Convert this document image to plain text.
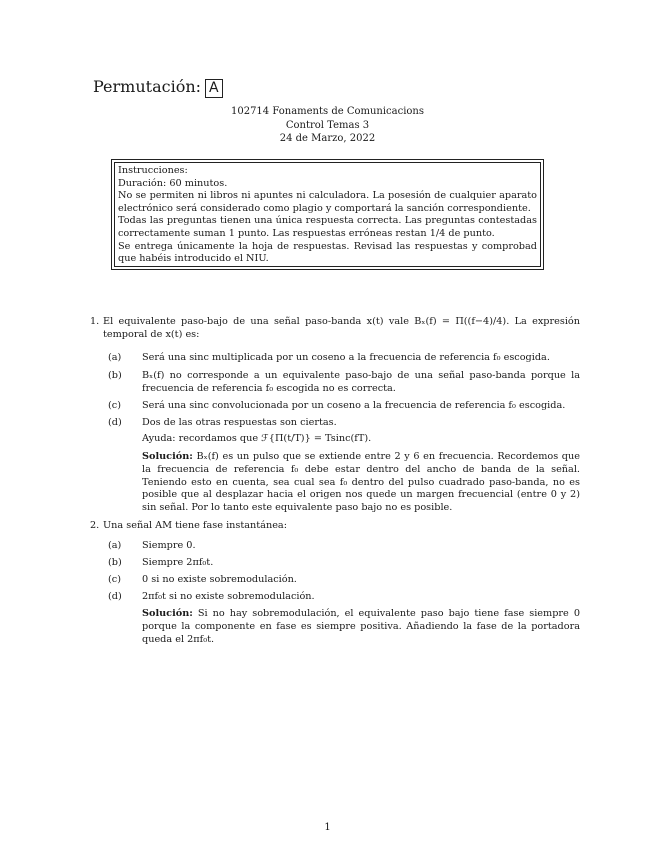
Permutación: A
102714 Fonaments de Comunicacions
Control Temas 3
24 de Marzo, 2022
Instrucciones:
Duración: 60 minutos.
No se permiten ni libros ni apuntes ni calculadora. La posesión de cualquier aparato electrónico será considerado como plagio y comportará la sanción correspondiente.
Todas las preguntas tienen una única respuesta correcta. Las preguntas contestadas correctamente suman 1 punto. Las respuestas erróneas restan 1/4 de punto.
Se entrega únicamente la hoja de respuestas. Revisad las respuestas y comprobad que habéis introducido el NIU.
1. El equivalente paso-bajo de una señal paso-banda x(t) vale Bₓ(f) = Π((f−4)/4). La expresión temporal de x(t) es:
(a) Será una sinc multiplicada por un coseno a la frecuencia de referencia f₀ escogida.
(b) Bₓ(f) no corresponde a un equivalente paso-bajo de una señal paso-banda porque la frecuencia de referencia f₀ escogida no es correcta.
(c) Será una sinc convolucionada por un coseno a la frecuencia de referencia f₀ escogida.
(d) Dos de las otras respuestas son ciertas.
Ayuda: recordamos que ℱ{Π(t/T)} = Tsinc(fT).
Solución: Bₓ(f) es un pulso que se extiende entre 2 y 6 en frecuencia. Recordemos que la frecuencia de referencia f₀ debe estar dentro del ancho de banda de la señal. Teniendo esto en cuenta, sea cual sea f₀ dentro del pulso cuadrado paso-banda, no es posible que al desplazar hacia el origen nos quede un margen frecuencial (entre 0 y 2) sin señal. Por lo tanto este equivalente paso bajo no es posible.
2. Una señal AM tiene fase instantánea:
(a) Siempre 0.
(b) Siempre 2πf₀t.
(c) 0 si no existe sobremodulación.
(d) 2πf₀t si no existe sobremodulación.
Solución: Si no hay sobremodulación, el equivalente paso bajo tiene fase siempre 0 porque la componente en fase es siempre positiva. Añadiendo la fase de la portadora queda el 2πf₀t.
1
